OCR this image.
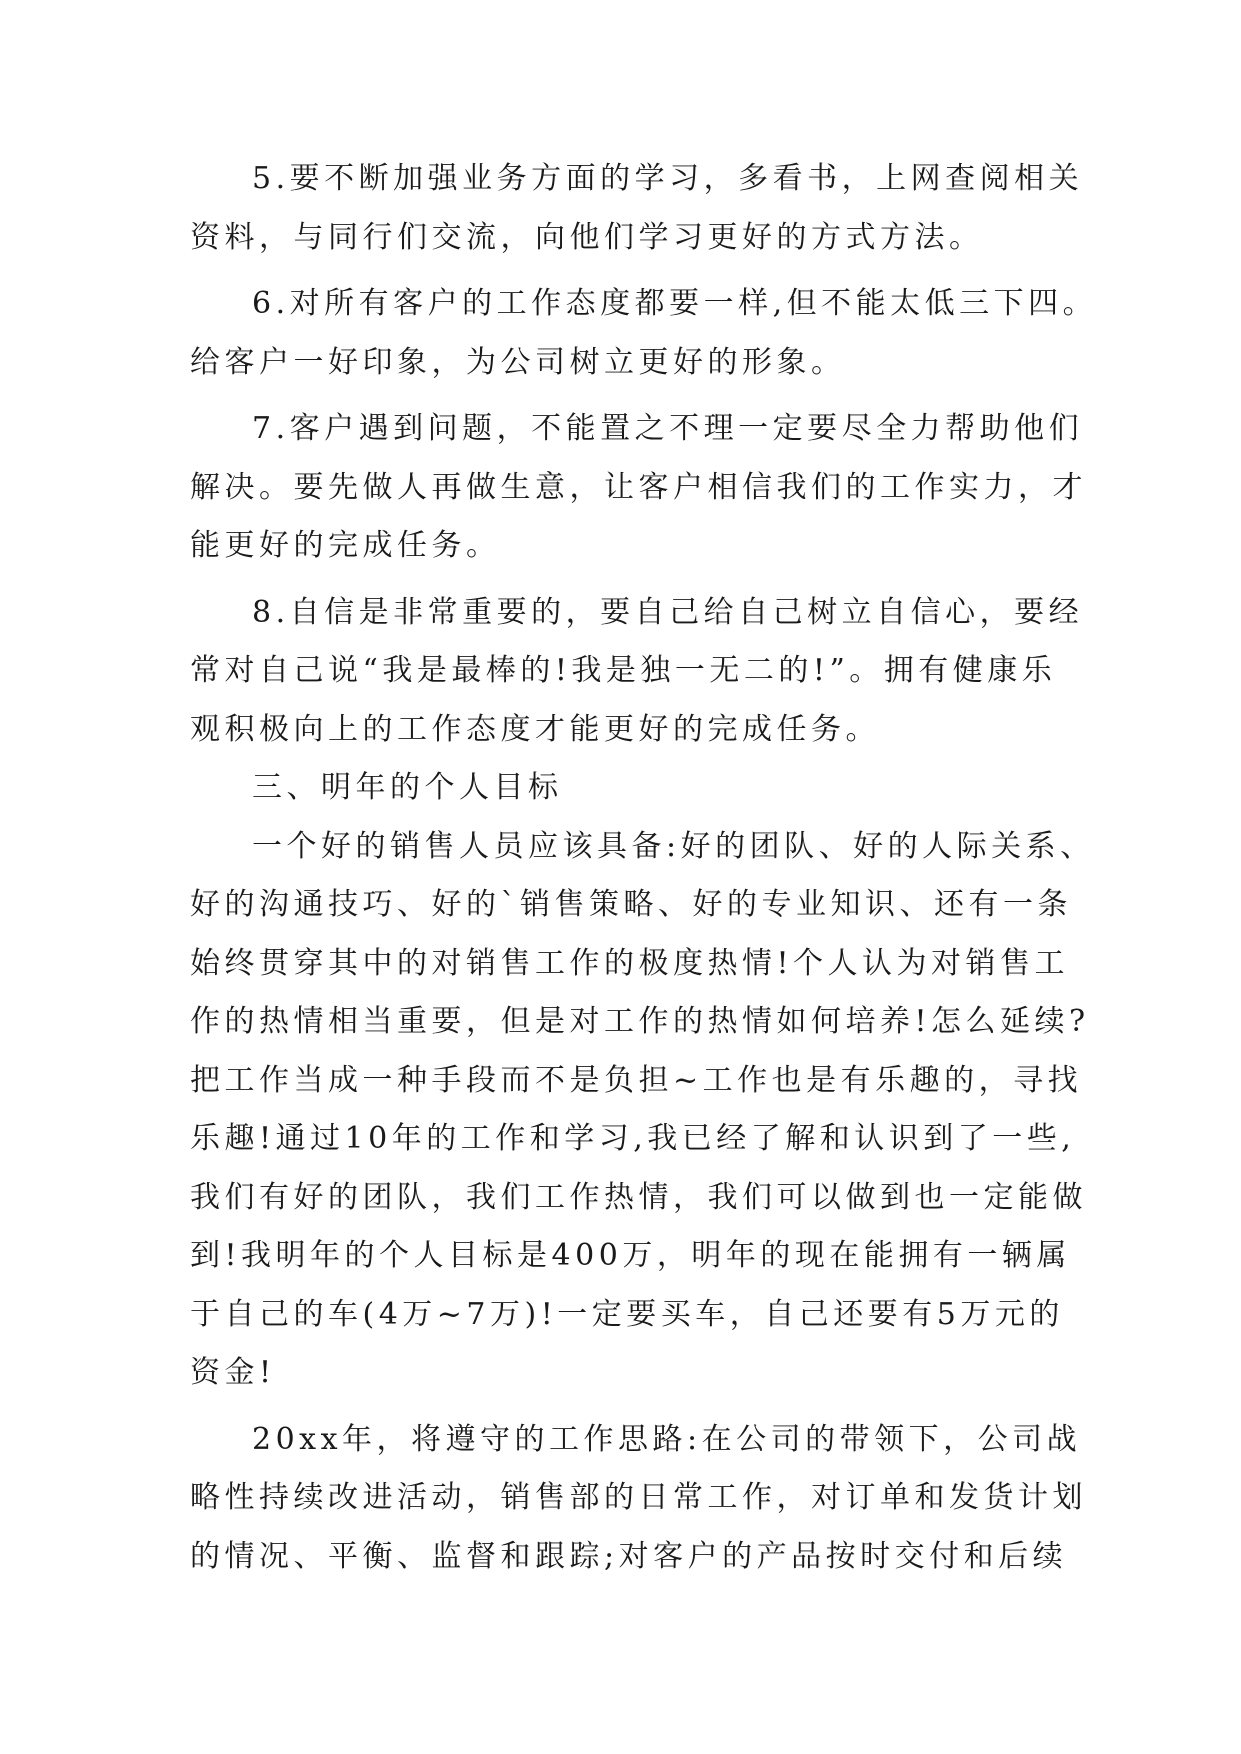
5.要不断加强业务方面的学习，多看书，上网查阅相关
资料，与同行们交流，向他们学习更好的方式方法。
6.对所有客户的工作态度都要一样,但不能太低三下四。
给客户一好印象，为公司树立更好的形象。
7.客户遇到问题，不能置之不理一定要尽全力帮助他们
解决。要先做人再做生意，让客户相信我们的工作实力，才
能更好的完成任务。
8.自信是非常重要的，要自己给自己树立自信心，要经
常对自己说“我是最棒的!我是独一无二的!”。拥有健康乐
观积极向上的工作态度才能更好的完成任务。
三、明年的个人目标
一个好的销售人员应该具备:好的团队、好的人际关系、
好的沟通技巧、好的`销售策略、好的专业知识、还有一条
始终贯穿其中的对销售工作的极度热情!个人认为对销售工
作的热情相当重要，但是对工作的热情如何培养!怎么延续?
把工作当成一种手段而不是负担~工作也是有乐趣的，寻找
乐趣!通过10年的工作和学习,我已经了解和认识到了一些,
我们有好的团队，我们工作热情，我们可以做到也一定能做
到!我明年的个人目标是400万，明年的现在能拥有一辆属
于自己的车(4万~7万)!一定要买车，自己还要有5万元的
资金!
20xx年，将遵守的工作思路:在公司的带领下，公司战
略性持续改进活动，销售部的日常工作，对订单和发货计划
的情况、平衡、监督和跟踪;对客户的产品按时交付和后续
